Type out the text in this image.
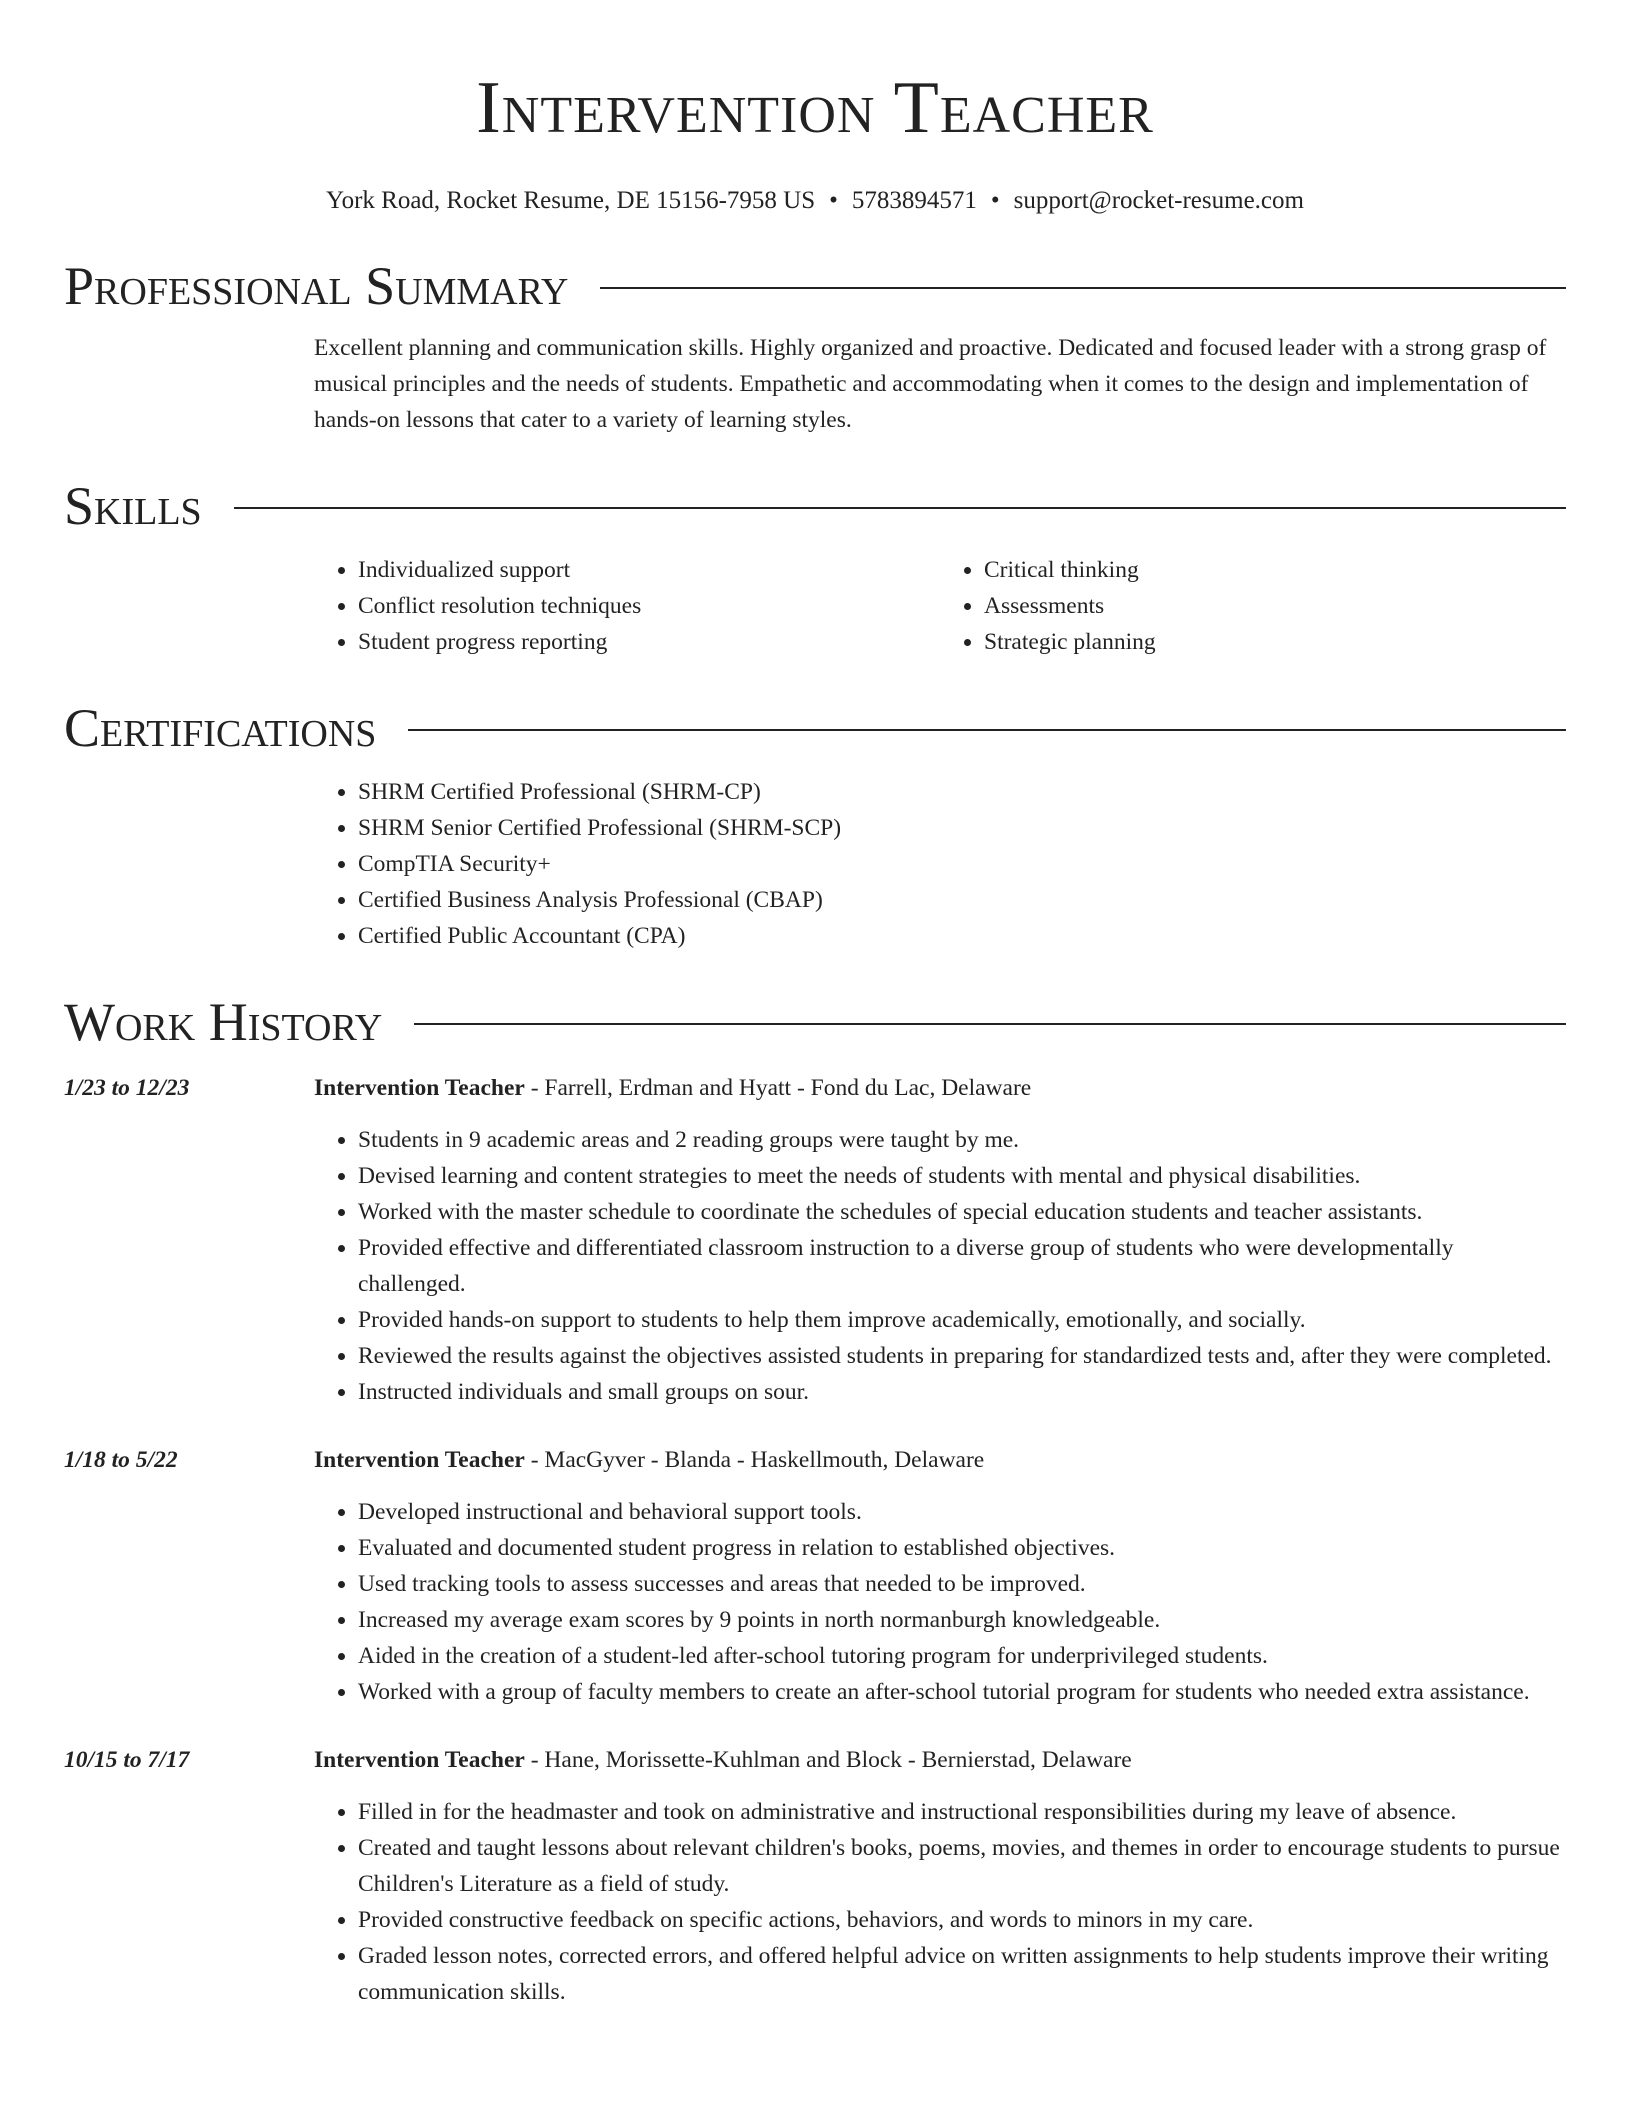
Intervention Teacher
York Road, Rocket Resume, DE 15156-7958 US • 5783894571 • support@rocket-resume.com
Professional Summary
Excellent planning and communication skills. Highly organized and proactive. Dedicated and focused leader with a strong grasp of musical principles and the needs of students. Empathetic and accommodating when it comes to the design and implementation of hands-on lessons that cater to a variety of learning styles.
Skills
• Individualized support
• Conflict resolution techniques
• Student progress reporting
• Critical thinking
• Assessments
• Strategic planning
Certifications
• SHRM Certified Professional (SHRM-CP)
• SHRM Senior Certified Professional (SHRM-SCP)
• CompTIA Security+
• Certified Business Analysis Professional (CBAP)
• Certified Public Accountant (CPA)
Work History
1/23 to 12/23	Intervention Teacher - Farrell, Erdman and Hyatt - Fond du Lac, Delaware
• Students in 9 academic areas and 2 reading groups were taught by me.
• Devised learning and content strategies to meet the needs of students with mental and physical disabilities.
• Worked with the master schedule to coordinate the schedules of special education students and teacher assistants.
• Provided effective and differentiated classroom instruction to a diverse group of students who were developmentally challenged.
• Provided hands-on support to students to help them improve academically, emotionally, and socially.
• Reviewed the results against the objectives assisted students in preparing for standardized tests and, after they were completed.
• Instructed individuals and small groups on sour.
1/18 to 5/22	Intervention Teacher - MacGyver - Blanda - Haskellmouth, Delaware
• Developed instructional and behavioral support tools.
• Evaluated and documented student progress in relation to established objectives.
• Used tracking tools to assess successes and areas that needed to be improved.
• Increased my average exam scores by 9 points in north normanburgh knowledgeable.
• Aided in the creation of a student-led after-school tutoring program for underprivileged students.
• Worked with a group of faculty members to create an after-school tutorial program for students who needed extra assistance.
10/15 to 7/17	Intervention Teacher - Hane, Morissette-Kuhlman and Block - Bernierstad, Delaware
• Filled in for the headmaster and took on administrative and instructional responsibilities during my leave of absence.
• Created and taught lessons about relevant children's books, poems, movies, and themes in order to encourage students to pursue Children's Literature as a field of study.
• Provided constructive feedback on specific actions, behaviors, and words to minors in my care.
• Graded lesson notes, corrected errors, and offered helpful advice on written assignments to help students improve their writing communication skills.
